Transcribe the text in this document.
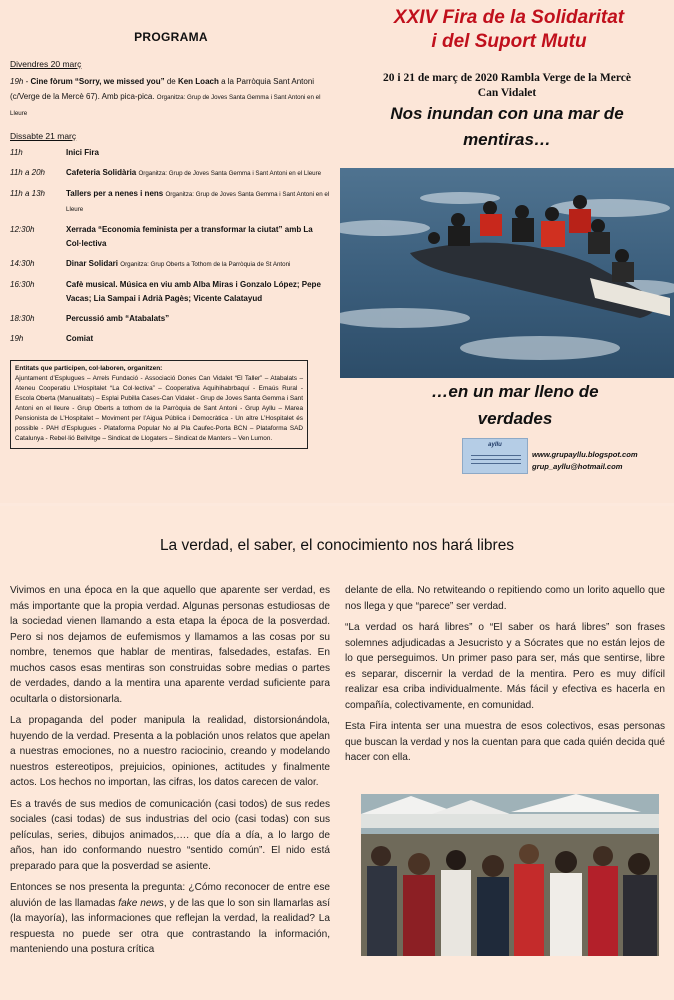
PROGRAMA
Divendres 20 març
19h - Cine fòrum “Sorry, we missed you” de Ken Loach a la Parròquia Sant Antoni (c/Verge de la Mercè 67). Amb pica-pica. Organitza: Grup de Joves Santa Gemma i Sant Antoni en el Lleure
Dissabte 21 març
11h	Inici Fira
11h a 20h	Cafeteria Solidària Organitza: Grup de Joves Santa Gemma i Sant Antoni en el Lleure
11h a 13h	Tallers per a nenes i nens Organitza: Grup de Joves Santa Gemma i Sant Antoni en el Lleure
12:30h	Xerrada “Economia feminista per a transformar la ciutat” amb La Col·lectiva
14:30h	Dinar Solidari Organitza: Grup Oberts a Tothom de la Parròquia de St Antoni
16:30h	Cafè musical. Música en viu amb Alba Miras i Gonzalo López; Pepe Vacas; Lia Sampai i Adrià Pagès; Vicente Calatayud
18:30h	Percussió amb “Atabalats”
19h	Comiat
Entitats que participen, col·laboren, organitzen:
Ajuntament d’Esplugues – Arrels Fundació - Associació Dones Can Vidalet “El Taller” – Atabalats – Ateneu Cooperatiu L’Hospitalet “La Col·lectiva” – Cooperativa Aquihihabrbaquí - Emaús Rural - Escola Oberta (Manualitats) – Esplai Pubilla Cases-Can Vidalet - Grup de Joves Santa Gemma i Sant Antoni en el lleure - Grup Oberts a tothom de la Parròquia de Sant Antoni - Grup Ayllu – Marea Pensionista de L’Hospitalet – Moviment per l’Aigua Pública i Democràtica - Un altre L’Hospitalet és possible - PAH d’Esplugues - Plataforma Popular No al Pla Caufec-Porta BCN – Plataforma SAD Catalunya - Rebel·lió Bellvitge – Sindicat de Llogaters – Sindicat de Manters – Ven Lumon.
XXIV Fira de la Solidaritat
i del Suport Mutu
20 i 21 de març de 2020 Rambla Verge de la Mercè
Can Vidalet
Nos inundan con una mar de
mentiras…
…en un mar lleno de
verdades
ayllu
www.grupayllu.blogspot.com
grup_ayllu@hotmail.com
La verdad, el saber, el conocimiento nos hará libres

Vivimos en una época en la que aquello que aparente ser verdad, es más importante que la propia verdad. Algunas personas estudiosas de la sociedad vienen llamando a esta etapa la época de la posverdad. Pero si nos dejamos de eufemismos y llamamos a las cosas por su nombre, tenemos que hablar de mentiras, falsedades, estafas. En muchos casos esas mentiras son construidas sobre medias o partes de verdades, dando a la mentira una aparente verdad suficiente para ocultarla o distorsionarla.

La propaganda del poder manipula la realidad, distorsionándola, huyendo de la verdad. Presenta a la población unos relatos que apelan a nuestras emociones, no a nuestro raciocinio, creando y modelando nuestros estereotipos, prejuicios, opiniones, actitudes y finalmente actos. Los hechos no importan, las cifras, los datos carecen de valor.

Es a través de sus medios de comunicación (casi todos) de sus redes sociales (casi todas) de sus industrias del ocio (casi todas) con sus películas, series, dibujos animados,…. que día a día, a lo largo de años, han ido conformando nuestro “sentido común”. El nido está preparado para que la posverdad se asiente.

Entonces se nos presenta la pregunta: ¿Cómo reconocer de entre ese aluvión de las llamadas fake news, y de las que lo son sin llamarlas así (la mayoría), las informaciones que reflejan la verdad, la realidad? La respuesta no puede ser otra que contrastando la información, manteniendo una postura crítica

delante de ella. No retwiteando o repitiendo como un lorito aquello que nos llega y que “parece” ser verdad.

“La verdad os hará libres” o “El saber os hará libres” son frases solemnes adjudicadas a Jesucristo y a Sócrates que no están lejos de lo que perseguimos. Un primer paso para ser, más que sentirse, libre es separar, discernir la verdad de la mentira. Pero es muy difícil realizar esa criba individualmente. Más fácil y efectiva es hacerla en compañía, colectivamente, en comunidad.

Esta Fira intenta ser una muestra de esos colectivos, esas personas que buscan la verdad y nos la cuentan para que cada quién decida qué hacer con ella.
